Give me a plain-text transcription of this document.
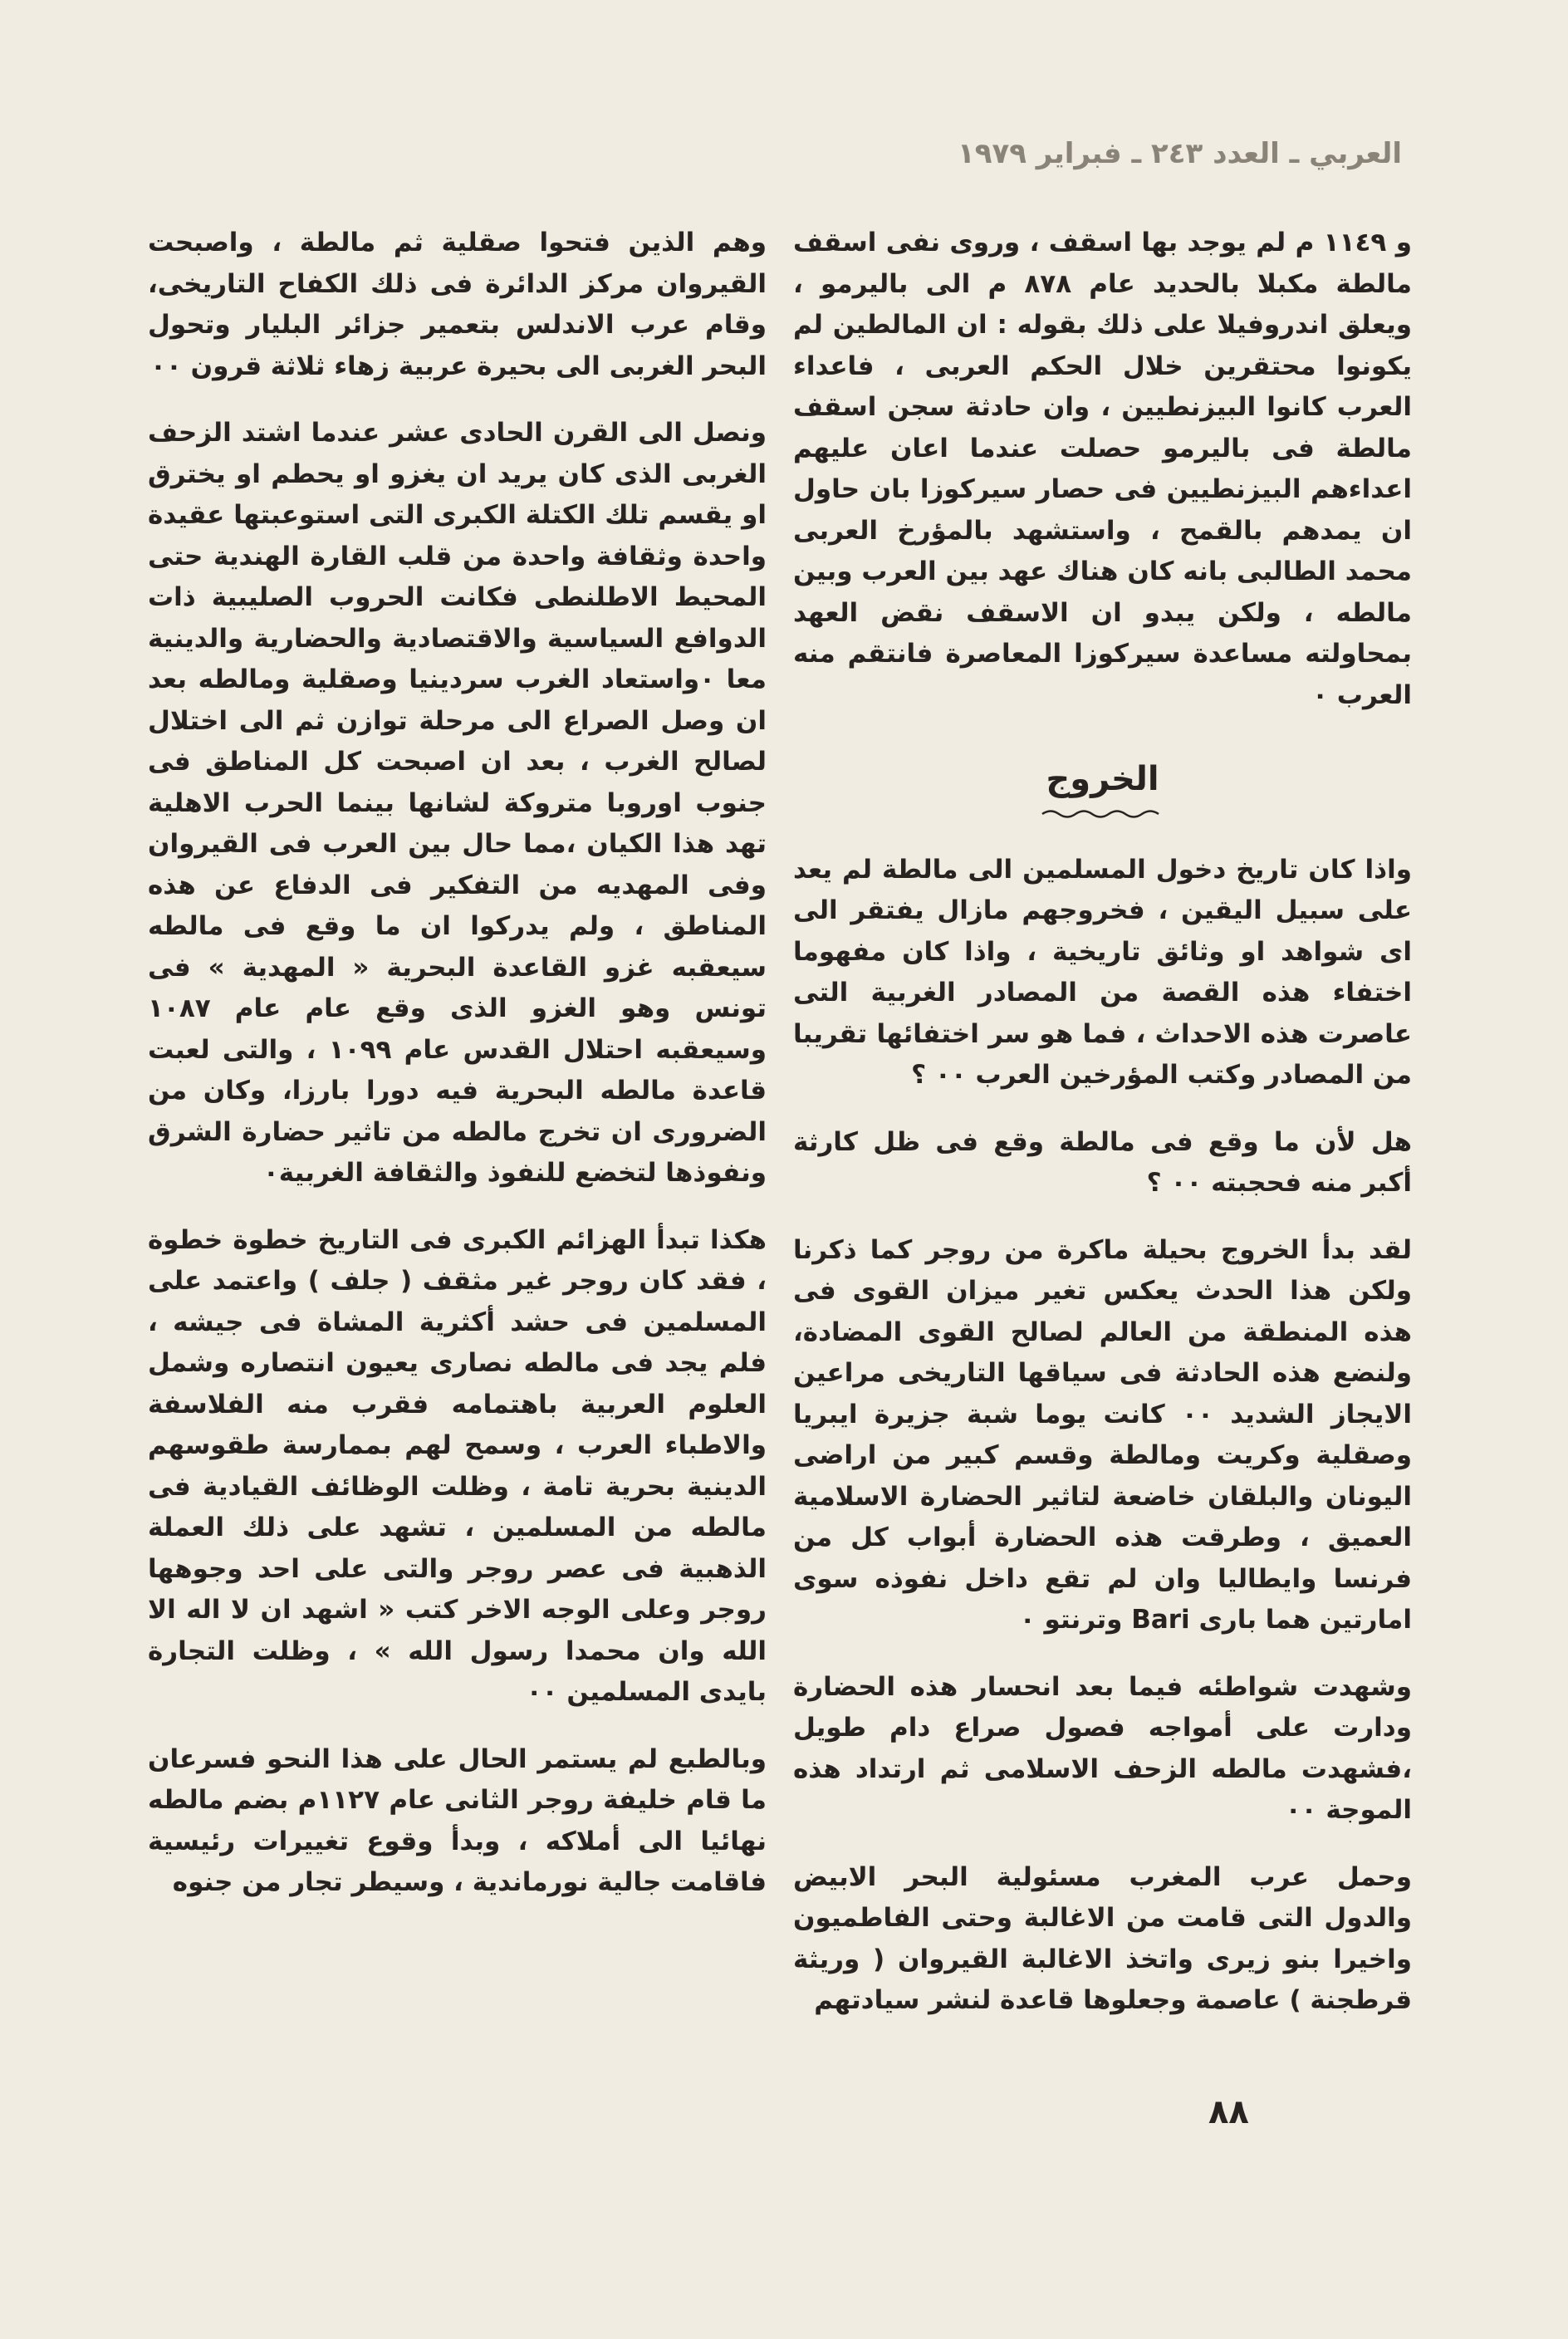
العربي ـ العدد ٢٤٣ ـ فبراير ١٩٧٩

و ١١٤٩ م لم يوجد بها اسقف ، وروى نفى اسقف مالطة مكبلا بالحديد عام ٨٧٨ م الى باليرمو ، ويعلق اندروفيلا على ذلك بقوله : ان المالطين لم يكونوا محتقرين خلال الحكم العربى ، فاعداء العرب كانوا البيزنطيين ، وان حادثة سجن اسقف مالطة فى باليرمو حصلت عندما اعان عليهم اعداءهم البيزنطيين فى حصار سيركوزا بان حاول ان يمدهم بالقمح ، واستشهد بالمؤرخ العربى محمد الطالبى بانه كان هناك عهد بين العرب وبين مالطه ، ولكن يبدو ان الاسقف نقض العهد بمحاولته مساعدة سيركوزا المعاصرة فانتقم منه العرب ٠

الخروج

واذا كان تاريخ دخول المسلمين الى مالطة لم يعد على سبيل اليقين ، فخروجهم مازال يفتقر الى اى شواهد او وثائق تاريخية ، واذا كان مفهوما اختفاء هذه القصة من المصادر الغربية التى عاصرت هذه الاحداث ، فما هو سر اختفائها تقريبا من المصادر وكتب المؤرخين العرب ٠٠ ؟

هل لأن ما وقع فى مالطة وقع فى ظل كارثة أكبر منه فحجبته ٠٠ ؟

لقد بدأ الخروج بحيلة ماكرة من روجر كما ذكرنا ولكن هذا الحدث يعكس تغير ميزان القوى فى هذه المنطقة من العالم لصالح القوى المضادة، ولنضع هذه الحادثة فى سياقها التاريخى مراعين الايجاز الشديد ٠٠ كانت يوما شبة جزيرة ايبريا وصقلية وكريت ومالطة وقسم كبير من اراضى اليونان والبلقان خاضعة لتاثير الحضارة الاسلامية العميق ، وطرقت هذه الحضارة أبواب كل من فرنسا وايطاليا وان لم تقع داخل نفوذه سوى امارتين هما بارى Bari وترنتو ٠

وشهدت شواطئه فيما بعد انحسار هذه الحضارة ودارت على أمواجه فصول صراع دام طويل ،فشهدت مالطه الزحف الاسلامى ثم ارتداد هذه الموجة ٠٠

وحمل عرب المغرب مسئولية البحر الابيض والدول التى قامت من الاغالبة وحتى الفاطميون واخيرا بنو زيرى واتخذ الاغالبة القيروان ( وريثة قرطجنة ) عاصمة وجعلوها قاعدة لنشر سيادتهم

وهم الذين فتحوا صقلية ثم مالطة ، واصبحت القيروان مركز الدائرة فى ذلك الكفاح التاريخى، وقام عرب الاندلس بتعمير جزائر البليار وتحول البحر الغربى الى بحيرة عربية زهاء ثلاثة قرون ٠٠

ونصل الى القرن الحادى عشر عندما اشتد الزحف الغربى الذى كان يريد ان يغزو او يحطم او يخترق او يقسم تلك الكتلة الكبرى التى استوعبتها عقيدة واحدة وثقافة واحدة من قلب القارة الهندية حتى المحيط الاطلنطى فكانت الحروب الصليبية ذات الدوافع السياسية والاقتصادية والحضارية والدينية معا ٠واستعاد الغرب سردينيا وصقلية ومالطه بعد ان وصل الصراع الى مرحلة توازن ثم الى اختلال لصالح الغرب ، بعد ان اصبحت كل المناطق فى جنوب اوروبا متروكة لشانها بينما الحرب الاهلية تهد هذا الكيان ،مما حال بين العرب فى القيروان وفى المهديه من التفكير فى الدفاع عن هذه المناطق ، ولم يدركوا ان ما وقع فى مالطه سيعقبه غزو القاعدة البحرية « المهدية » فى تونس وهو الغزو الذى وقع عام عام ١٠٨٧ وسيعقبه احتلال القدس عام ١٠٩٩ ، والتى لعبت قاعدة مالطه البحرية فيه دورا بارزا، وكان من الضرورى ان تخرج مالطه من تاثير حضارة الشرق ونفوذها لتخضع للنفوذ والثقافة الغربية٠

هكذا تبدأ الهزائم الكبرى فى التاريخ خطوة خطوة ، فقد كان روجر غير مثقف ( جلف ) واعتمد على المسلمين فى حشد أكثرية المشاة فى جيشه ، فلم يجد فى مالطه نصارى يعيون انتصاره وشمل العلوم العربية باهتمامه فقرب منه الفلاسفة والاطباء العرب ، وسمح لهم بممارسة طقوسهم الدينية بحرية تامة ، وظلت الوظائف القيادية فى مالطه من المسلمين ، تشهد على ذلك العملة الذهبية فى عصر روجر والتى على احد وجوهها روجر وعلى الوجه الاخر كتب « اشهد ان لا اله الا الله وان محمدا رسول الله » ، وظلت التجارة بايدى المسلمين ٠٠

وبالطبع لم يستمر الحال على هذا النحو فسرعان ما قام خليفة روجر الثانى عام ١١٢٧م بضم مالطه نهائيا الى أملاكه ، وبدأ وقوع تغييرات رئيسية فاقامت جالية نورماندية ، وسيطر تجار من جنوه

٨٨
